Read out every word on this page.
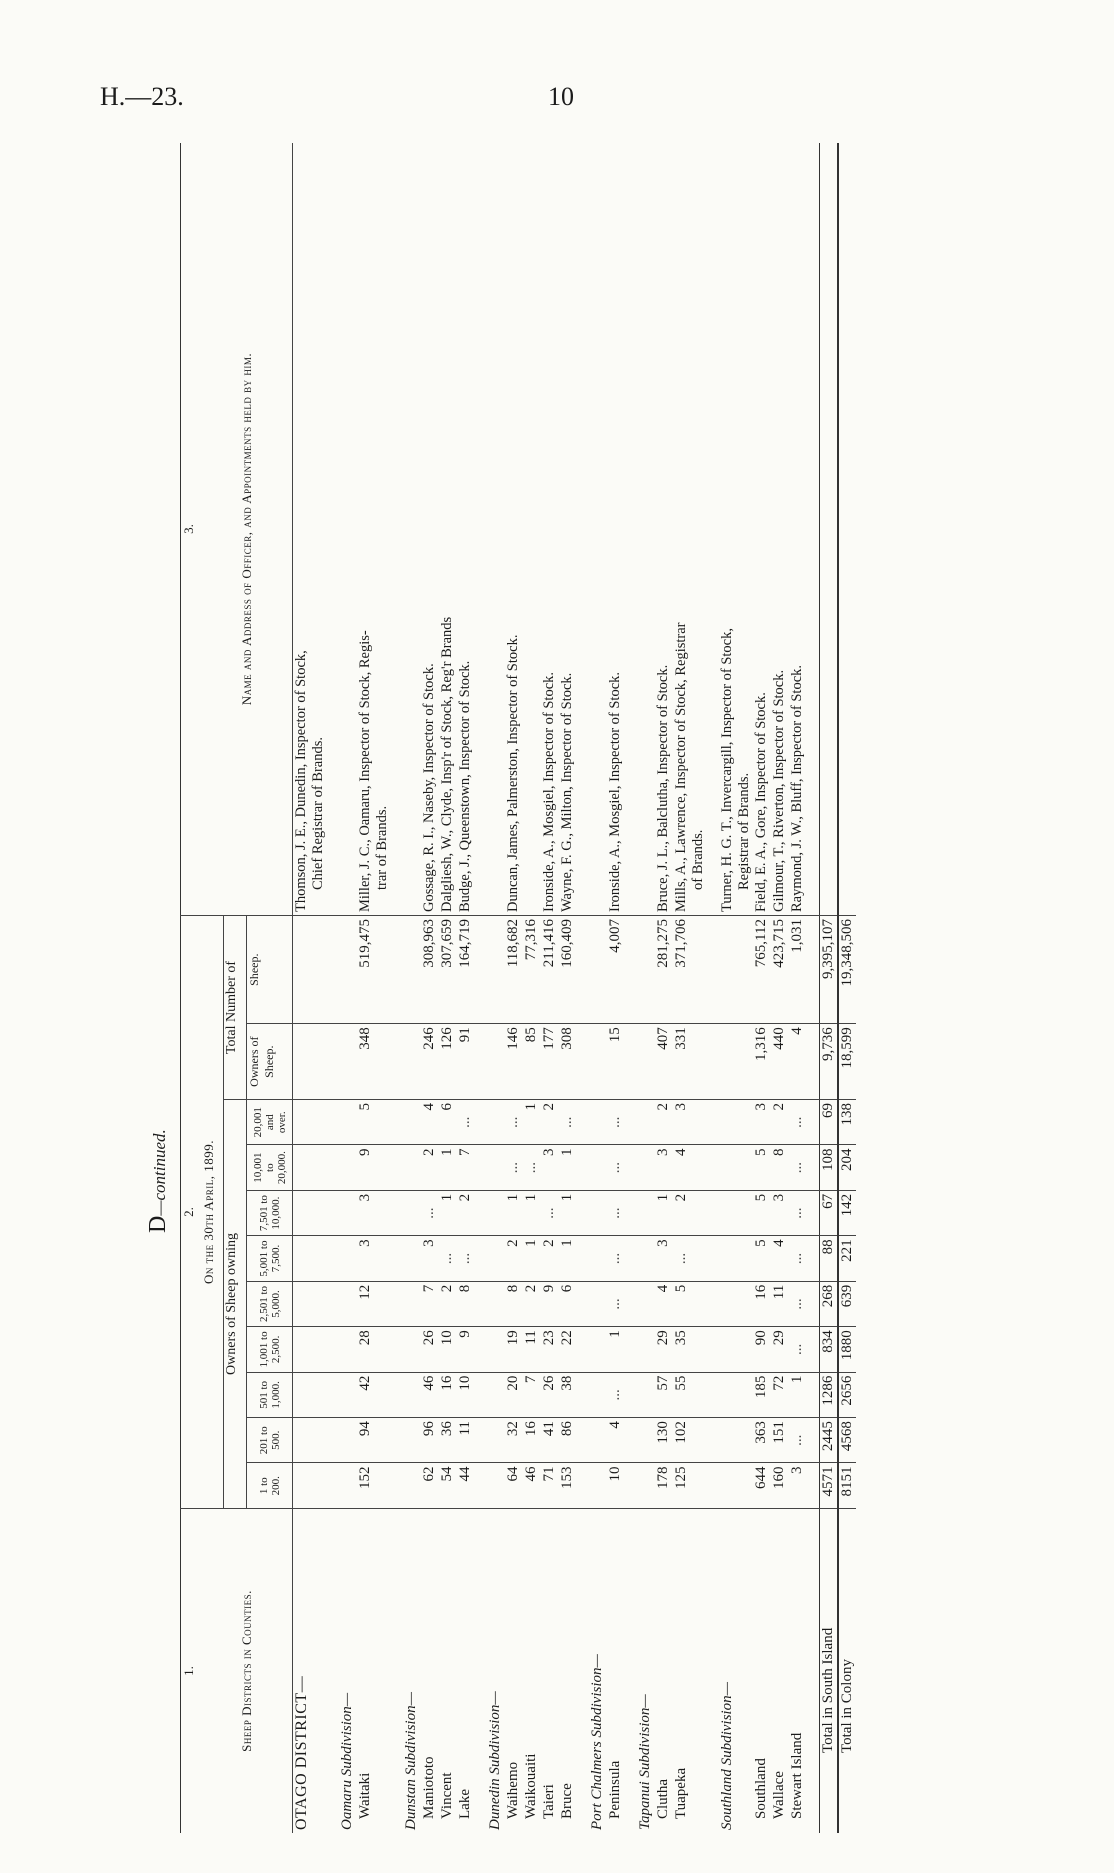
H.—23.	10
D—continued.
1.	2.											3.
Sheep Districts in Counties.	On the 30th April, 1899.											Name and Address of Officer, and Appointments held by him.
	Owners of Sheep owning									Total Number of		
	1 to 200.	201 to 500.	501 to 1,000.	1,001 to 2,500.	2,501 to 5,000.	5,001 to 7,500.	7,501 to 10,000.	10,001 to 20,000.	20,001 and over.	Owners of Sheep.	Sheep.	
OTAGO DISTRICT—												Thomson, J. E., Dunedin, Inspector of Stock, Chief Registrar of Brands.

Oamaru Subdivision—												
Waitaki	152	94	42	28	12	3	3	9	5	348	519,475	Miller, J. C., Oamaru, Inspector of Stock, Regis- trar of Brands.

Dunstan Subdivision—												
Maniototo	62	96	46	26	7	3	...	2	4	246	308,963	Gossage, R. I., Naseby, Inspector of Stock.

Vincent	54	36	16	10	2	...	1	1	6	126	307,659	Dalgliesh, W., Clyde, Insp'r of Stock, Reg'r Brands

Lake	44	11	10	9	8	...	2	7	...	91	164,719	Budge, J., Queenstown, Inspector of Stock.

Dunedin Subdivision—												
Waihemo	64	32	20	19	8	2	1	...	...	146	118,682	Duncan, James, Palmerston, Inspector of Stock.

Waikouaiti	46	16	7	11	2	1	1	...	1	85	77,316	
Taieri	71	41	26	23	9	2	...	3	2	177	211,416	Ironside, A., Mosgiel, Inspector of Stock.

Bruce	153	86	38	22	6	1	1	1	...	308	160,409	Wayne, F. G., Milton, Inspector of Stock.

Port Chalmers Subdivision—												
Peninsula	10	4	...	1	...	...	...	...	...	15	4,007	Ironside, A., Mosgiel, Inspector of Stock.

Tapanui Subdivision—												
Clutha	178	130	57	29	4	3	1	3	2	407	281,275	Bruce, J. L., Balclutha, Inspector of Stock.

Tuapeka	125	102	55	35	5	...	2	4	3	331	371,706	Mills, A., Lawrence, Inspector of Stock, Registrar of Brands.

Southland Subdivision—												Turner, H. G. T., Invercargill, Inspector of Stock, Registrar of Brands.

Southland	644	363	185	90	16	5	5	5	3	1,316	765,112	Field, E. A., Gore, Inspector of Stock.

Wallace	160	151	72	29	11	4	3	8	2	440	423,715	Gilmour, T., Riverton, Inspector of Stock.

Stewart Island	3	...	1	...	...	...	...	...	...	4	1,031	Raymond, J. W., Bluff, Inspector of Stock.

Total in South Island	4571	2445	1286	834	268	88	67	108	69	9,736	9,395,107	
Total in Colony	8151	4568	2656	1880	639	221	142	204	138	18,599	19,348,506	
